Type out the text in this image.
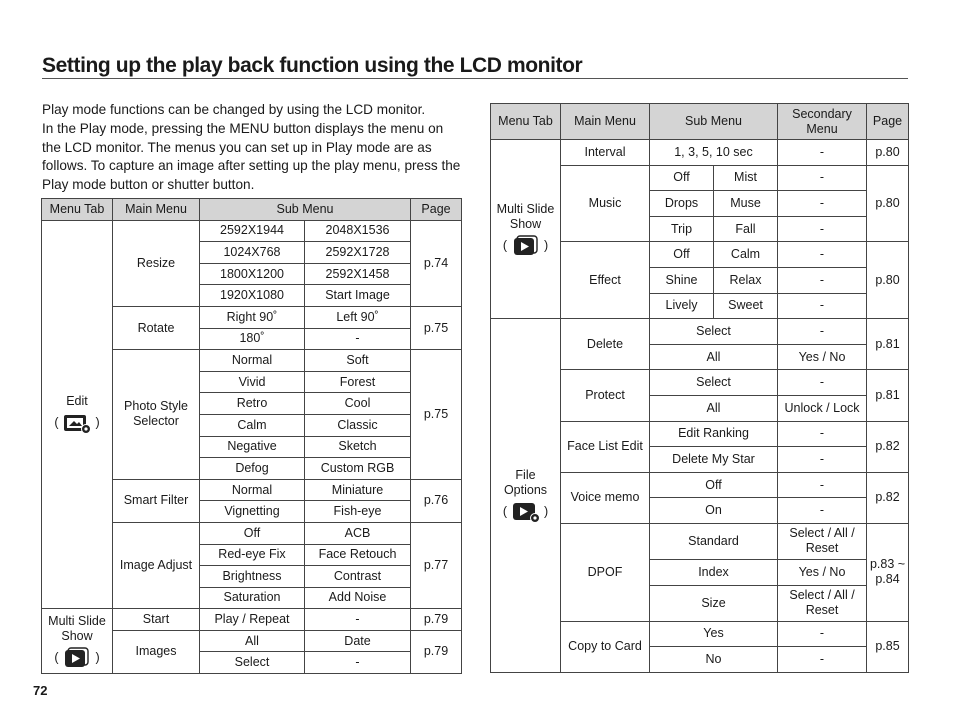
Setting up the play back function using the LCD monitor

Play mode functions can be changed by using the LCD monitor.

In the Play mode, pressing the MENU button displays the menu on the LCD monitor. The menus you can set up in Play mode are as follows. To capture an image after setting up the play menu, press the Play mode button or shutter button.

Menu Tab	Main Menu	Sub Menu		Page
Edit
(
)	Resize	2592X1944	2048X1536	p.74
		1024X768	2592X1728	
		1800X1200	2592X1458	
		1920X1080	Start Image	
	Rotate	Right 90˚	Left 90˚	p.75
		180˚	-	
	Photo Style Selector	Normal	Soft	p.75
		Vivid	Forest	
		Retro	Cool	
		Calm	Classic	
		Negative	Sketch	
		Defog	Custom RGB	
	Smart Filter	Normal	Miniature	p.76
		Vignetting	Fish-eye	
	Image Adjust	Off	ACB	p.77
		Red-eye Fix	Face Retouch	
		Brightness	Contrast	
		Saturation	Add Noise	
Multi Slide Show
(
)	Start	Play / Repeat	-	p.79
	Images	All	Date	p.79
		Select	-	
Menu Tab	Main Menu	Sub Menu		Secondary Menu	Page
Multi Slide Show
(
)	Interval	1, 3, 5, 10 sec		-	p.80
	Music	Off	Mist	-	p.80
		Drops	Muse	-	
		Trip	Fall	-	
	Effect	Off	Calm	-	p.80
		Shine	Relax	-	
		Lively	Sweet	-	
File Options
(
)	Delete	Select		-	p.81
		All		Yes / No	
	Protect	Select		-	p.81
		All		Unlock / Lock	
	Face List Edit	Edit Ranking		-	p.82
		Delete My Star		-	
	Voice memo	Off		-	p.82
		On		-	
	DPOF	Standard		Select / All / Reset	p.83 ~ p.84
		Index		Yes / No	
		Size		Select / All / Reset	
	Copy to Card	Yes		-	p.85
		No		-	
72
